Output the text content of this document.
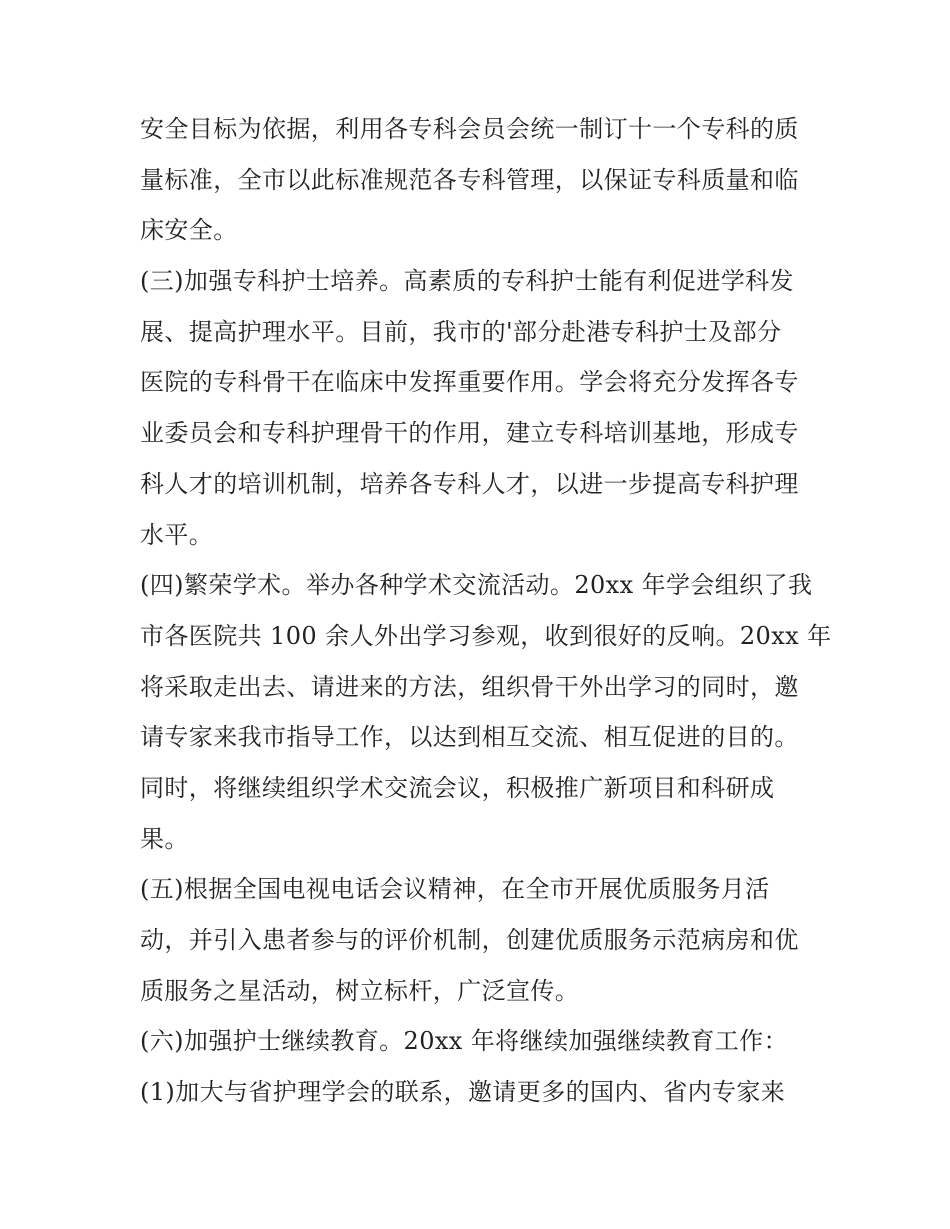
安全目标为依据，利用各专科会员会统一制订十一个专科的质
量标准，全市以此标准规范各专科管理，以保证专科质量和临
床安全。
(三)加强专科护士培养。高素质的专科护士能有利促进学科发
展、提高护理水平。目前，我市的'部分赴港专科护士及部分
医院的专科骨干在临床中发挥重要作用。学会将充分发挥各专
业委员会和专科护理骨干的作用，建立专科培训基地，形成专
科人才的培训机制，培养各专科人才，以进一步提高专科护理
水平。
(四)繁荣学术。举办各种学术交流活动。20xx 年学会组织了我
市各医院共 100 余人外出学习参观，收到很好的反响。20xx 年
将采取走出去、请进来的方法，组织骨干外出学习的同时，邀
请专家来我市指导工作，以达到相互交流、相互促进的目的。
同时，将继续组织学术交流会议，积极推广新项目和科研成
果。
(五)根据全国电视电话会议精神，在全市开展优质服务月活
动，并引入患者参与的评价机制，创建优质服务示范病房和优
质服务之星活动，树立标杆，广泛宣传。
(六)加强护士继续教育。20xx 年将继续加强继续教育工作：
(1)加大与省护理学会的联系，邀请更多的国内、省内专家来
